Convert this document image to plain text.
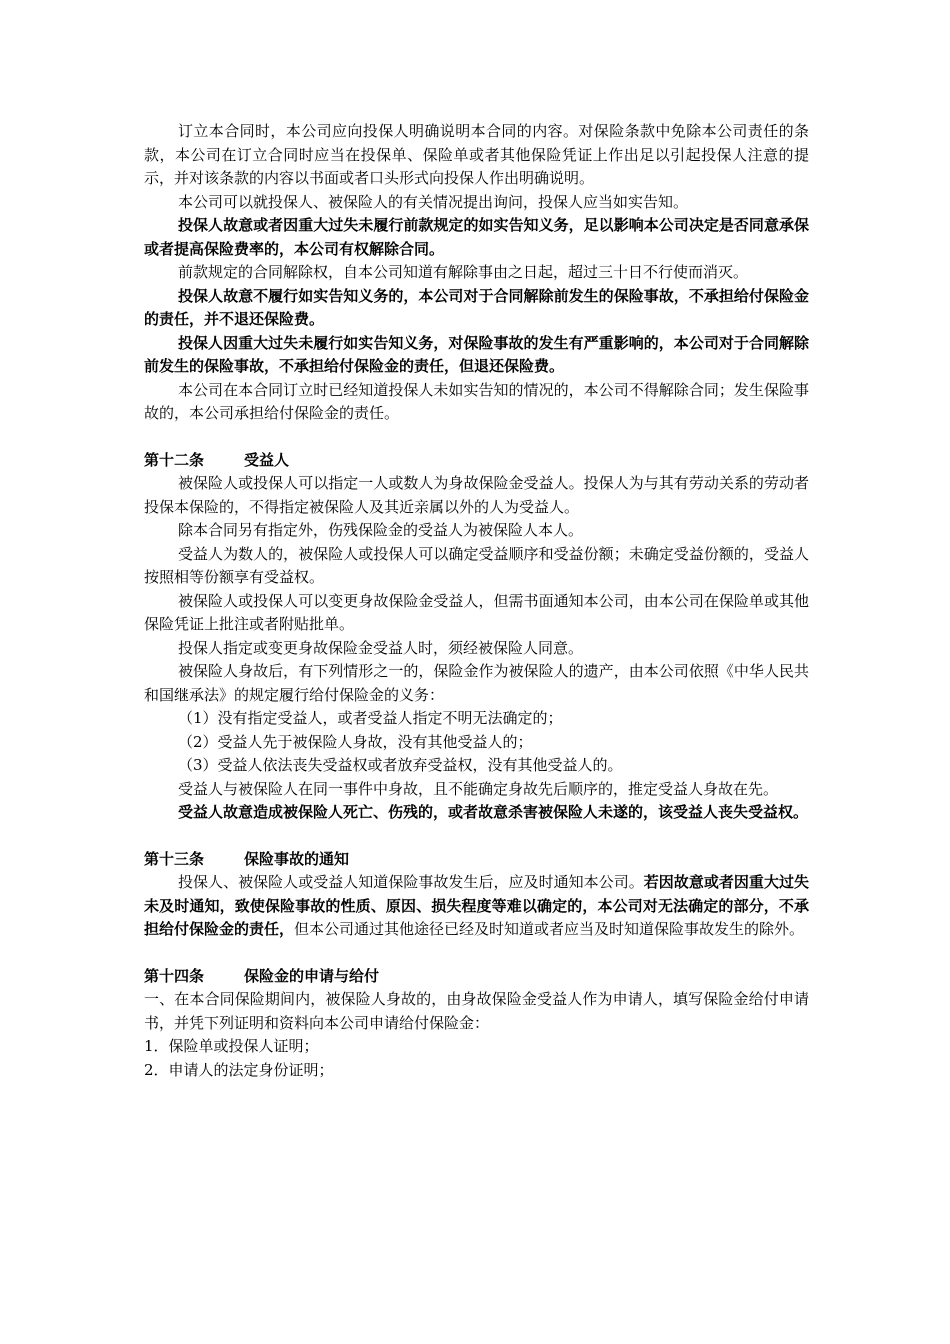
订立本合同时，本公司应向投保人明确说明本合同的内容。对保险条款中免除本公司责任的条款，本公司在订立合同时应当在投保单、保险单或者其他保险凭证上作出足以引起投保人注意的提示，并对该条款的内容以书面或者口头形式向投保人作出明确说明。

本公司可以就投保人、被保险人的有关情况提出询问，投保人应当如实告知。

投保人故意或者因重大过失未履行前款规定的如实告知义务，足以影响本公司决定是否同意承保或者提高保险费率的，本公司有权解除合同。

前款规定的合同解除权，自本公司知道有解除事由之日起，超过三十日不行使而消灭。

投保人故意不履行如实告知义务的，本公司对于合同解除前发生的保险事故，不承担给付保险金的责任，并不退还保险费。

投保人因重大过失未履行如实告知义务，对保险事故的发生有严重影响的，本公司对于合同解除前发生的保险事故，不承担给付保险金的责任，但退还保险费。

本公司在本合同订立时已经知道投保人未如实告知的情况的，本公司不得解除合同；发生保险事故的，本公司承担给付保险金的责任。

第十二条	受益人

被保险人或投保人可以指定一人或数人为身故保险金受益人。投保人为与其有劳动关系的劳动者投保本保险的，不得指定被保险人及其近亲属以外的人为受益人。

除本合同另有指定外，伤残保险金的受益人为被保险人本人。

受益人为数人的，被保险人或投保人可以确定受益顺序和受益份额；未确定受益份额的，受益人按照相等份额享有受益权。

被保险人或投保人可以变更身故保险金受益人，但需书面通知本公司，由本公司在保险单或其他保险凭证上批注或者附贴批单。

投保人指定或变更身故保险金受益人时，须经被保险人同意。

被保险人身故后，有下列情形之一的，保险金作为被保险人的遗产，由本公司依照《中华人民共和国继承法》的规定履行给付保险金的义务：

（1）没有指定受益人，或者受益人指定不明无法确定的；

（2）受益人先于被保险人身故，没有其他受益人的；

（3）受益人依法丧失受益权或者放弃受益权，没有其他受益人的。

受益人与被保险人在同一事件中身故，且不能确定身故先后顺序的，推定受益人身故在先。

受益人故意造成被保险人死亡、伤残的，或者故意杀害被保险人未遂的，该受益人丧失受益权。

第十三条	保险事故的通知

投保人、被保险人或受益人知道保险事故发生后，应及时通知本公司。若因故意或者因重大过失未及时通知，致使保险事故的性质、原因、损失程度等难以确定的，本公司对无法确定的部分，不承担给付保险金的责任，但本公司通过其他途径已经及时知道或者应当及时知道保险事故发生的除外。

第十四条	保险金的申请与给付

一、在本合同保险期间内，被保险人身故的，由身故保险金受益人作为申请人，填写保险金给付申请书，并凭下列证明和资料向本公司申请给付保险金：

1．保险单或投保人证明；

2．申请人的法定身份证明；
